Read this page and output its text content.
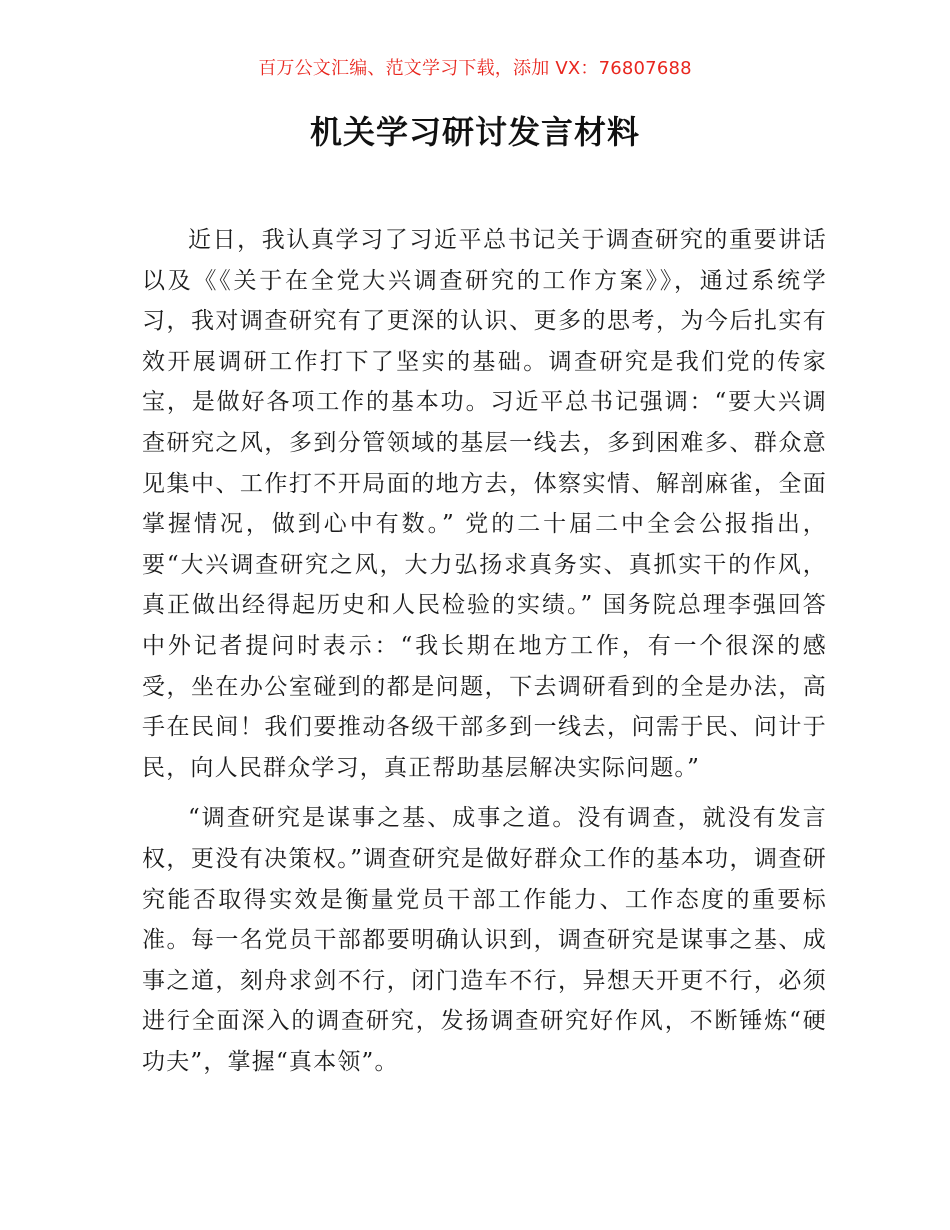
百万公文汇编、范文学习下载，添加 VX：76807688
机关学习研讨发言材料

近日，我认真学习了习近平总书记关于调查研究的重要讲话以及《《关于在全党大兴调查研究的工作方案》》，通过系统学习，我对调查研究有了更深的认识、更多的思考，为今后扎实有效开展调研工作打下了坚实的基础。调查研究是我们党的传家宝，是做好各项工作的基本功。习近平总书记强调：“要大兴调查研究之风，多到分管领域的基层一线去，多到困难多、群众意见集中、工作打不开局面的地方去，体察实情、解剖麻雀，全面掌握情况，做到心中有数。” 党的二十届二中全会公报指出，要“大兴调查研究之风，大力弘扬求真务实、真抓实干的作风，真正做出经得起历史和人民检验的实绩。” 国务院总理李强回答中外记者提问时表示：“我长期在地方工作，有一个很深的感受，坐在办公室碰到的都是问题，下去调研看到的全是办法，高手在民间！我们要推动各级干部多到一线去，问需于民、问计于民，向人民群众学习，真正帮助基层解决实际问题。”

“调查研究是谋事之基、成事之道。没有调查，就没有发言权，更没有决策权。”调查研究是做好群众工作的基本功，调查研究能否取得实效是衡量党员干部工作能力、工作态度的重要标准。每一名党员干部都要明确认识到，调查研究是谋事之基、成事之道，刻舟求剑不行，闭门造车不行，异想天开更不行，必须进行全面深入的调查研究，发扬调查研究好作风，不断锤炼“硬功夫”，掌握“真本领”。
